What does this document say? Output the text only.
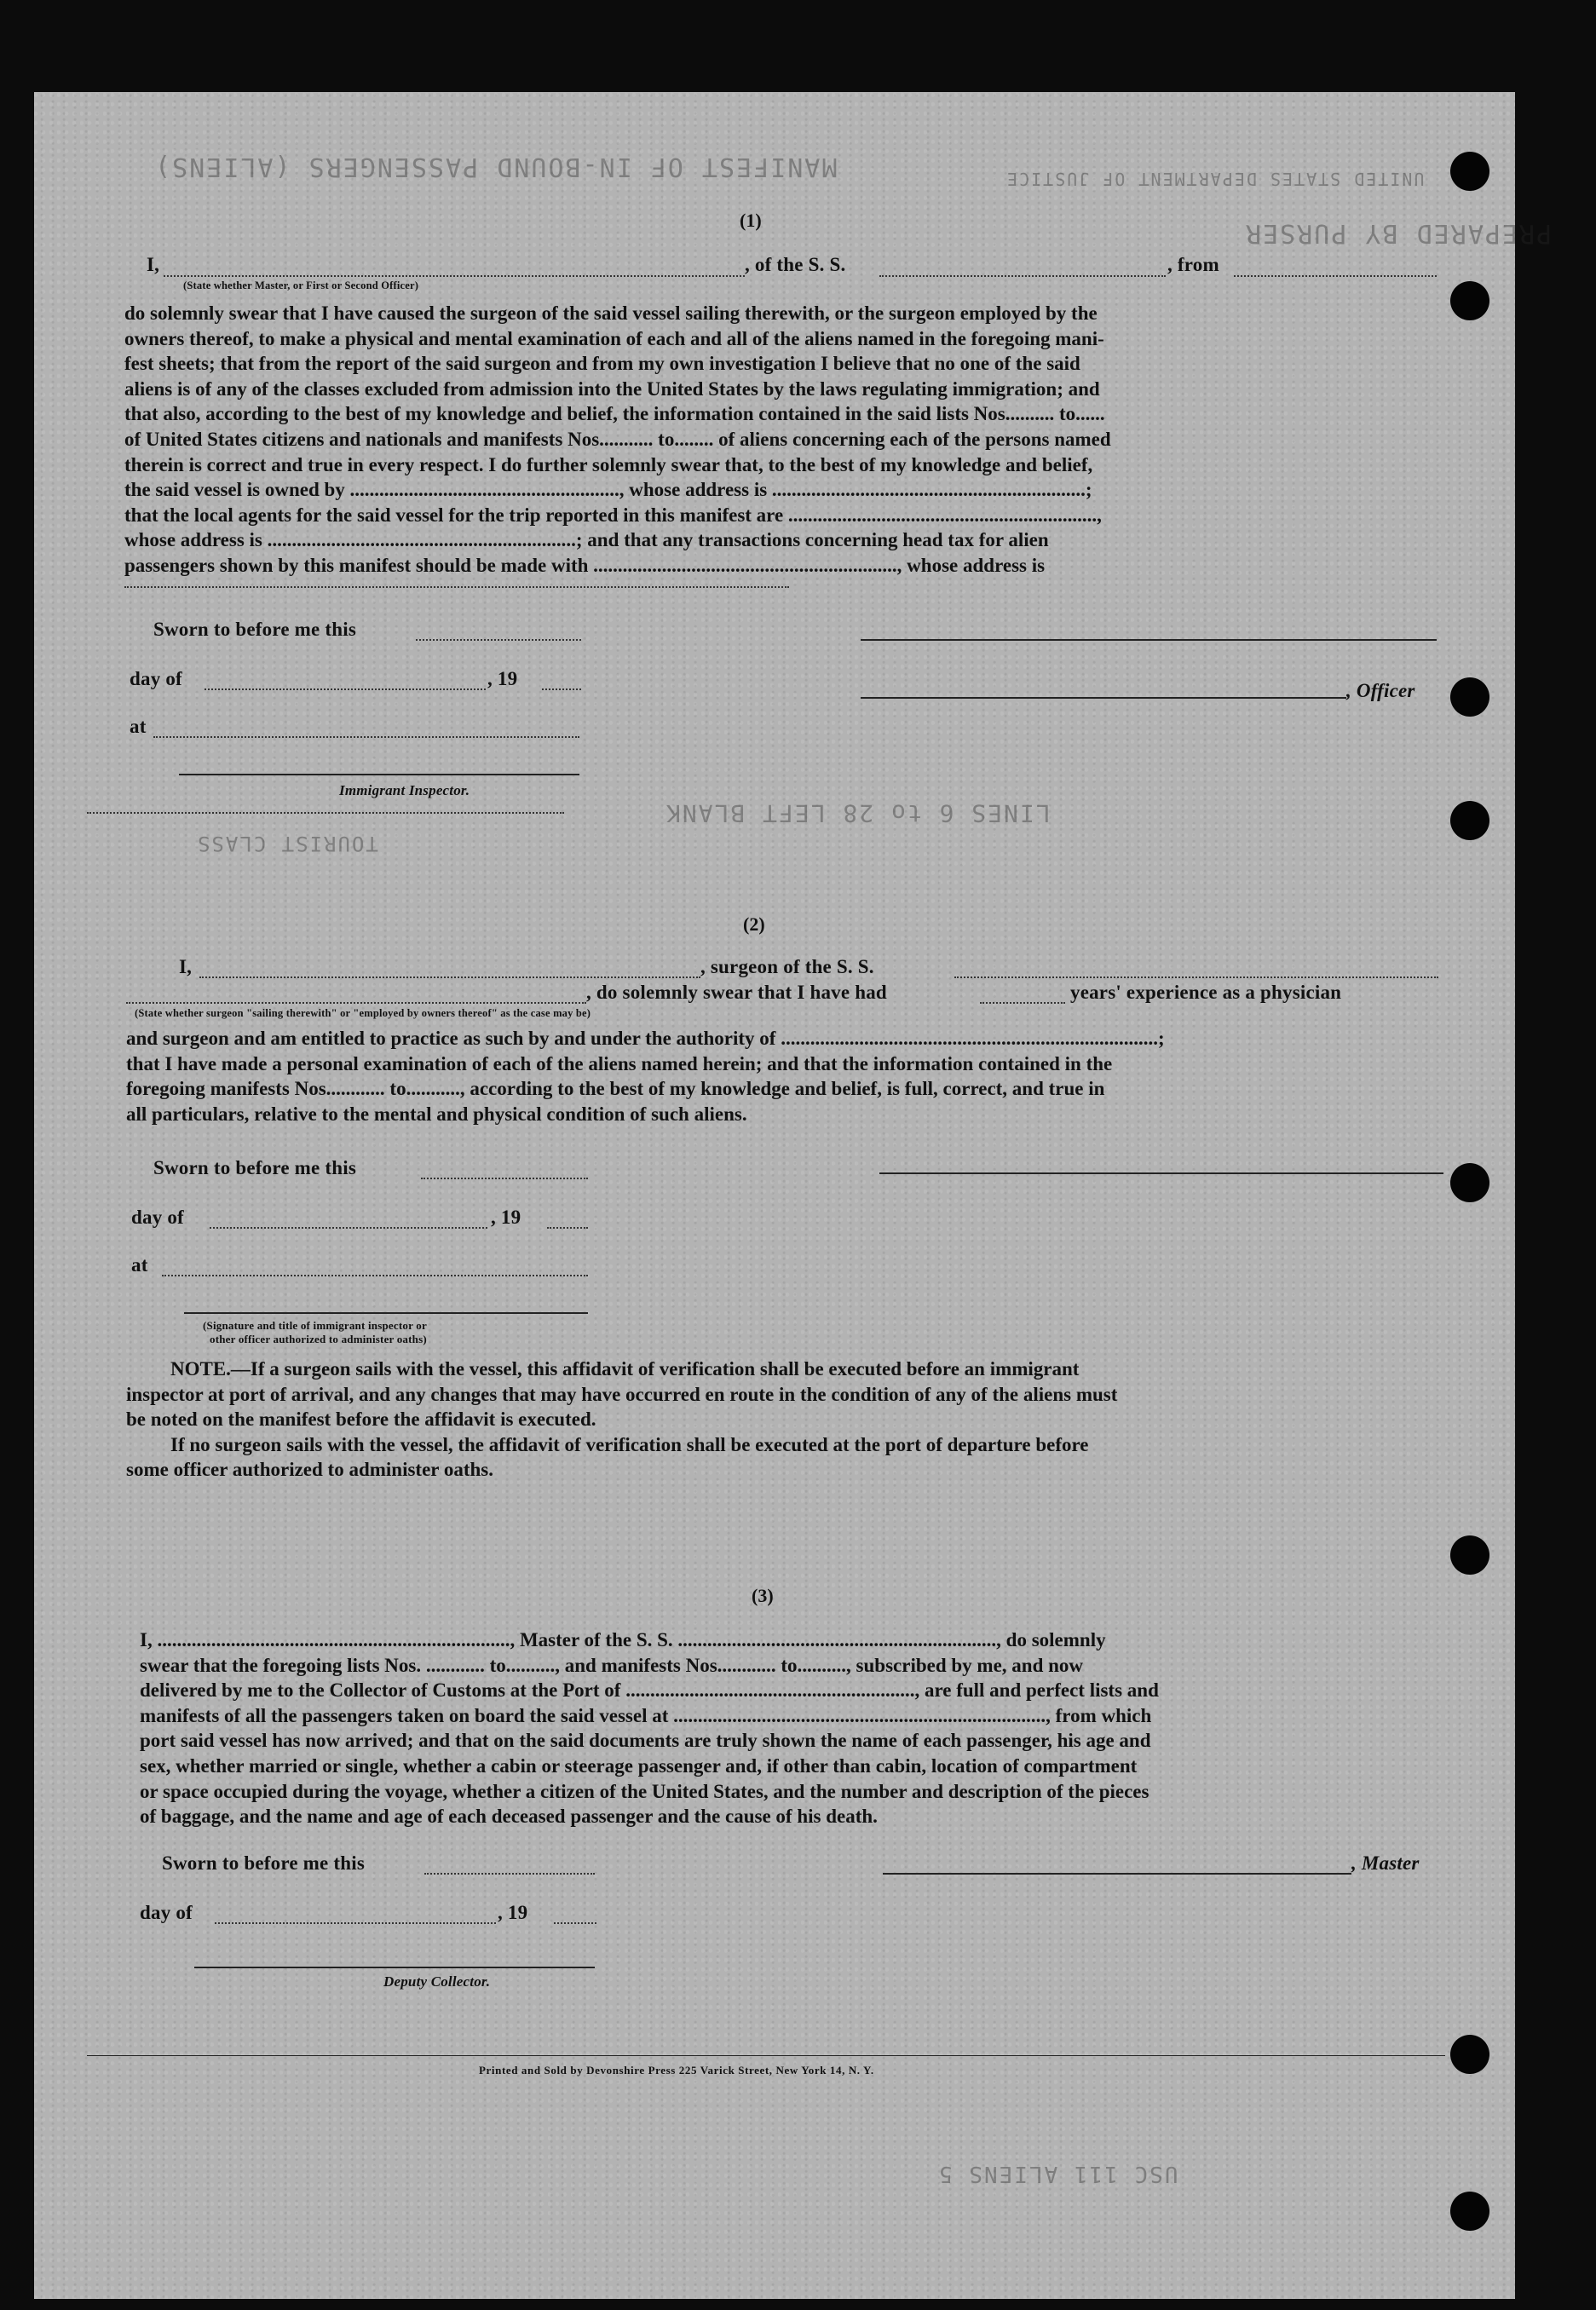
MANIFEST OF IN-BOUND PASSENGERS (ALIENS)	UNITED STATES DEPARTMENT OF JUSTICE
PREPARED BY PURSER
LINES 6 to 28 LEFT BLANK
TOURIST CLASS
USC 111 ALIENS 5
(1)
I,	, of the S. S.	, from
(State whether Master, or First or Second Officer)

do solemnly swear that I have caused the surgeon of the said vessel sailing therewith, or the surgeon employed by the

owners thereof, to make a physical and mental examination of each and all of the aliens named in the foregoing mani-

fest sheets; that from the report of the said surgeon and from my own investigation I believe that no one of the said

aliens is of any of the classes excluded from admission into the United States by the laws regulating immigration; and

that also, according to the best of my knowledge and belief, the information contained in the said lists Nos.......... to......

of United States citizens and nationals and manifests Nos........... to........ of aliens concerning each of the persons named

therein is correct and true in every respect. I do further solemnly swear that, to the best of my knowledge and belief,

the said vessel is owned by ......................................................., whose address is ................................................................;

that the local agents for the said vessel for the trip reported in this manifest are ...............................................................,

whose address is ...............................................................; and that any transactions concerning head tax for alien

passengers shown by this manifest should be made with .............................................................., whose address is

Sworn to before me this
day of	, 19
, Officer
at
Immigrant Inspector.
(2)
I,	, surgeon of the S. S.
, do solemnly swear that I have had	years' experience as a physician
(State whether surgeon "sailing therewith" or "employed by owners thereof" as the case may be)

and surgeon and am entitled to practice as such by and under the authority of .............................................................................;

that I have made a personal examination of each of the aliens named herein; and that the information contained in the

foregoing manifests Nos............ to..........., according to the best of my knowledge and belief, is full, correct, and true in

all particulars, relative to the mental and physical condition of such aliens.

Sworn to before me this
day of	, 19
at
(Signature and title of immigrant inspector or
other officer authorized to administer oaths)

NOTE.—If a surgeon sails with the vessel, this affidavit of verification shall be executed before an immigrant

inspector at port of arrival, and any changes that may have occurred en route in the condition of any of the aliens must

be noted on the manifest before the affidavit is executed.

If no surgeon sails with the vessel, the affidavit of verification shall be executed at the port of departure before

some officer authorized to administer oaths.

(3)

I, ........................................................................, Master of the S. S. ................................................................., do solemnly

swear that the foregoing lists Nos. ............ to.........., and manifests Nos............ to.........., subscribed by me, and now

delivered by me to the Collector of Customs at the Port of ..........................................................., are full and perfect lists and

manifests of all the passengers taken on board the said vessel at ............................................................................, from which

port said vessel has now arrived; and that on the said documents are truly shown the name of each passenger, his age and

sex, whether married or single, whether a cabin or steerage passenger and, if other than cabin, location of compartment

or space occupied during the voyage, whether a citizen of the United States, and the number and description of the pieces

of baggage, and the name and age of each deceased passenger and the cause of his death.

Sworn to before me this	, Master
day of	, 19
Deputy Collector.
Printed and Sold by Devonshire Press 225 Varick Street, New York 14, N. Y.
